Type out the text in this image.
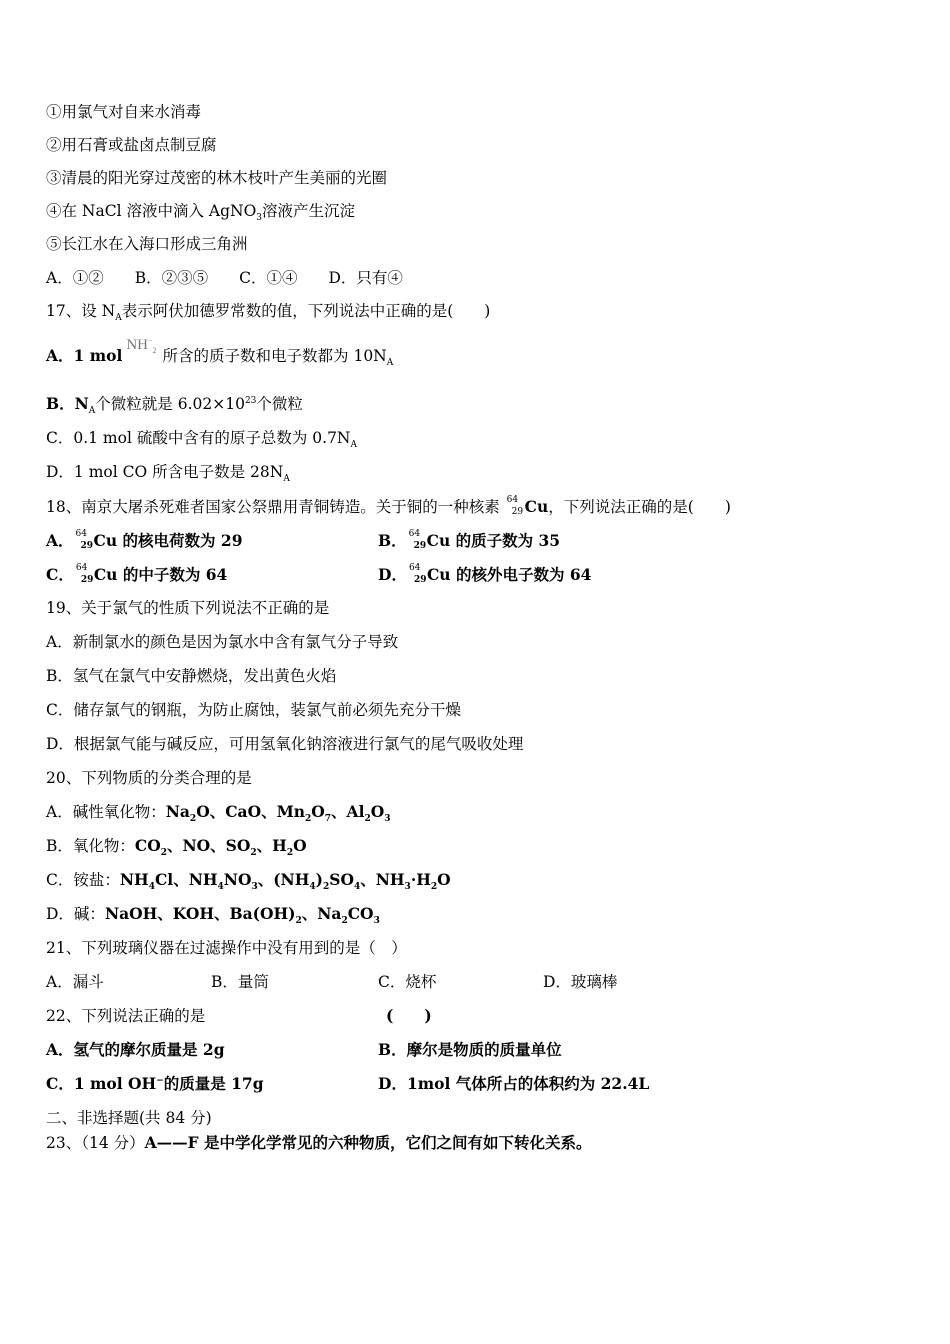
①用氯气对自来水消毒
②用石膏或盐卤点制豆腐
③清晨的阳光穿过茂密的林木枝叶产生美丽的光圈
④在 NaCl 溶液中滴入 AgNO$_3$溶液产生沉淀
⑤长江水在入海口形成三角洲
A．①②　　B．②③⑤　　C．①④　　D．只有④
17、设 $N_A$表示阿伏加德罗常数的值，下列说法中正确的是(　　)
A．1 molNH−$_2$ 所含的质子数和电子数都为 $10N_A$
B．$N_A$个微粒就是 $6.02\times 10^{23}$个微粒
C．0.1 mol 硫酸中含有的原子总数为 $0.7N_A$
D．1 mol CO 所含电子数是 $28N_A$
18、南京大屠杀死难者国家公祭鼎用青铜铸造。关于铜的一种核素 64
29 Cu，下列说法正确的是(　　)
A． 64
29 Cu 的核电荷数为 29	B． 64
29 Cu 的质子数为 35
C． 64
29 Cu 的中子数为 64	D． 64
29 Cu 的核外电子数为 64
19、关于氯气的性质下列说法不正确的是
A．新制氯水的颜色是因为氯水中含有氯气分子导致
B．氢气在氯气中安静燃烧，发出黄色火焰
C．储存氯气的钢瓶，为防止腐蚀，装氯气前必须先充分干燥
D．根据氯气能与碱反应，可用氢氧化钠溶液进行氯气的尾气吸收处理
20、下列物质的分类合理的是
A．碱性氧化物：$Na_2O$、CaO、$Mn_2O_7$、$Al_2O_3$
B．氧化物：$CO_2$、NO、$SO_2$、$H_2O$
C．铵盐：$NH_4Cl$、$NH_4NO_3$、$(NH_4)_2SO_4$、$NH_3\cdot H_2O$
D．碱：NaOH、KOH、$Ba(OH)_2$、$Na_2CO_3$
21、下列玻璃仪器在过滤操作中没有用到的是（　）
A．漏斗	B．量筒	C．烧杯	D．玻璃棒
22、下列说法正确的是	(　　)
A．氢气的摩尔质量是 2g	B．摩尔是物质的质量单位
C．1 mol OH−的质量是 17g	D．1mol 气体所占的体积约为 22.4L
二、非选择题(共 84 分)
23、（14 分）A——F 是中学化学常见的六种物质，它们之间有如下转化关系。
